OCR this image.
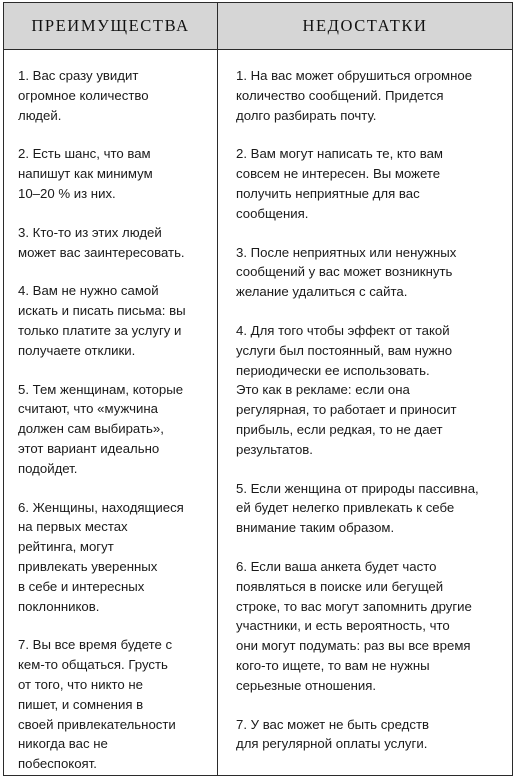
ПРЕИМУЩЕСТВА
1. Вас сразу увидит
огромное количество
людей.
2. Есть шанс, что вам
напишут как минимум
10–20 % из них.
3. Кто-то из этих людей
может вас заинтересовать.
4. Вам не нужно самой
искать и писать письма: вы
только платите за услугу и
получаете отклики.
5. Тем женщинам, которые
считают, что «мужчина
должен сам выбирать»,
этот вариант идеально
подойдет.
6. Женщины, находящиеся
на первых местах
рейтинга, могут
привлекать уверенных
в себе и интересных
поклонников.
7. Вы все время будете с
кем-то общаться. Грусть
от того, что никто не
пишет, и сомнения в
своей привлекательности
никогда вас не
побеспокоят.
НЕДОСТАТКИ
1. На вас может обрушиться огромное
количество сообщений. Придется
долго разбирать почту.
2. Вам могут написать те, кто вам
совсем не интересен. Вы можете
получить неприятные для вас
сообщения.
3. После неприятных или ненужных
сообщений у вас может возникнуть
желание удалиться с сайта.
4. Для того чтобы эффект от такой
услуги был постоянный, вам нужно
периодически ее использовать.
Это как в рекламе: если она
регулярная, то работает и приносит
прибыль, если редкая, то не дает
результатов.
5. Если женщина от природы пассивна,
ей будет нелегко привлекать к себе
внимание таким образом.
6. Если ваша анкета будет часто
появляться в поиске или бегущей
строке, то вас могут запомнить другие
участники, и есть вероятность, что
они могут подумать: раз вы все время
кого-то ищете, то вам не нужны
серьезные отношения.
7. У вас может не быть средств
для регулярной оплаты услуги.
